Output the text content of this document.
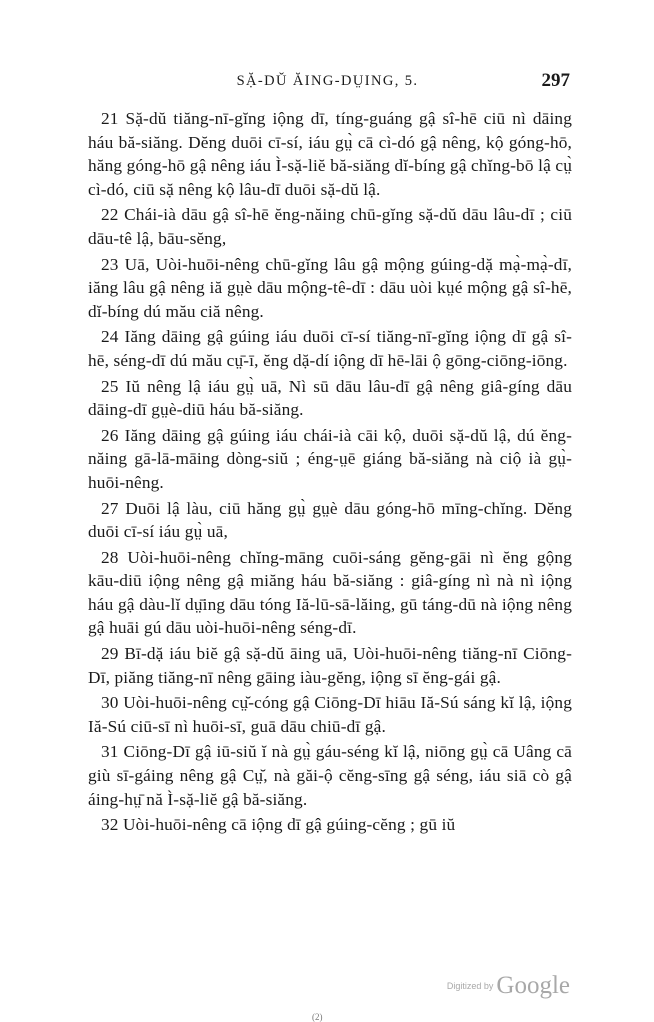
SẶ-DŬ ĂING-DṲING, 5.	297

21 Sặ-dŭ tiăng-nī-gĭng iộng dī, tíng-guáng gậ sî-hē ciū nì dāing háu bă-siăng. Dĕng duōi cī-sí, iáu gṳ̀ cā cì-dó gậ nêng, kộ góng-hō, hăng góng-hō gậ nêng iáu Ì-sặ-liĕ bă-siăng dĭ-bíng gậ chĭng-bō lậ cṳ̀ cì-dó, ciū sặ nêng kộ lâu-dī duōi sặ-dŭ lậ.

22 Chái-ià dāu gậ sî-hē ĕng-năing chū-gĭng sặ-dŭ dāu lâu-dī ; ciū dāu-tê lậ, bāu-sĕng,

23 Uā, Uòi-huōi-nêng chū-gĭng lâu gậ mộng gúing-dặ mạ̀-mạ̀-dī, iăng lâu gậ nêng iă gṳè dāu mộng-tê-dī : dāu uòi kṳé mộng gậ sî-hē, dĭ-bíng dú mău ciă nêng.

24 Iăng dāing gậ gúing iáu duōi cī-sí tiăng-nī-gĭng iộng dī gậ sî-hē, séng-dī dú mău cṳ̄-ī, ĕng dặ-dí iộng dī hē-lāi ộ gōng-ciōng-iōng.

25 Iŭ nêng lậ iáu gṳ̀ uā, Nì sū dāu lâu-dī gậ nêng giâ-gíng dāu dāing-dī gṳè-diū háu bă-siăng.

26 Iăng dāing gậ gúing iáu chái-ià cāi kộ, duōi sặ-dŭ lậ, dú ĕng-năing gā-lā-māing dòng-siŭ ; éng-ṳē giáng bă-siăng nà ciộ ià gṳ̀-huōi-nêng.

27 Duōi lậ làu, ciū hăng gṳ̀ gṳè dāu góng-hō mīng-chĭng. Dĕng duōi cī-sí iáu gṳ̀ uā,

28 Uòi-huōi-nêng chĭng-māng cuōi-sáng gĕng-gāi nì ĕng gộng kāu-diū iộng nêng gậ miăng háu bă-siăng : giâ-gíng nì nà nì iộng háu gậ dàu-lĭ dṳ̄ing dāu tóng Iă-lū-sā-lăing, gū táng-dū nà iộng nêng gậ huāi gú dāu uòi-huōi-nêng séng-dī.

29 Bī-dặ iáu biĕ gậ sặ-dŭ āing uā, Uòi-huōi-nêng tiăng-nī Ciōng-Dī, piăng tiăng-nī nêng gāing iàu-gĕng, iộng sī ĕng-gái gậ.

30 Uòi-huōi-nêng cṳ̆-cóng gậ Ciōng-Dī hiāu Iă-Sú sáng kĭ lậ, iộng Iă-Sú ciū-sī nì huōi-sī, guā dāu chiū-dī gậ.

31 Ciōng-Dī gậ iū-siŭ ĭ nà gṳ̀ gáu-séng kĭ lậ, niōng gṳ̀ cā Uâng cā giù sī-gáing nêng gậ Cṳ̆, nà găi-ộ cĕng-sīng gậ séng, iáu siā cò gậ áing-hṳ̄ nă Ì-sặ-liĕ gậ bă-siăng.

32 Uòi-huōi-nêng cā iộng dī gậ gúing-cĕng ; gū iŭ

Digitized by Google
(2)
